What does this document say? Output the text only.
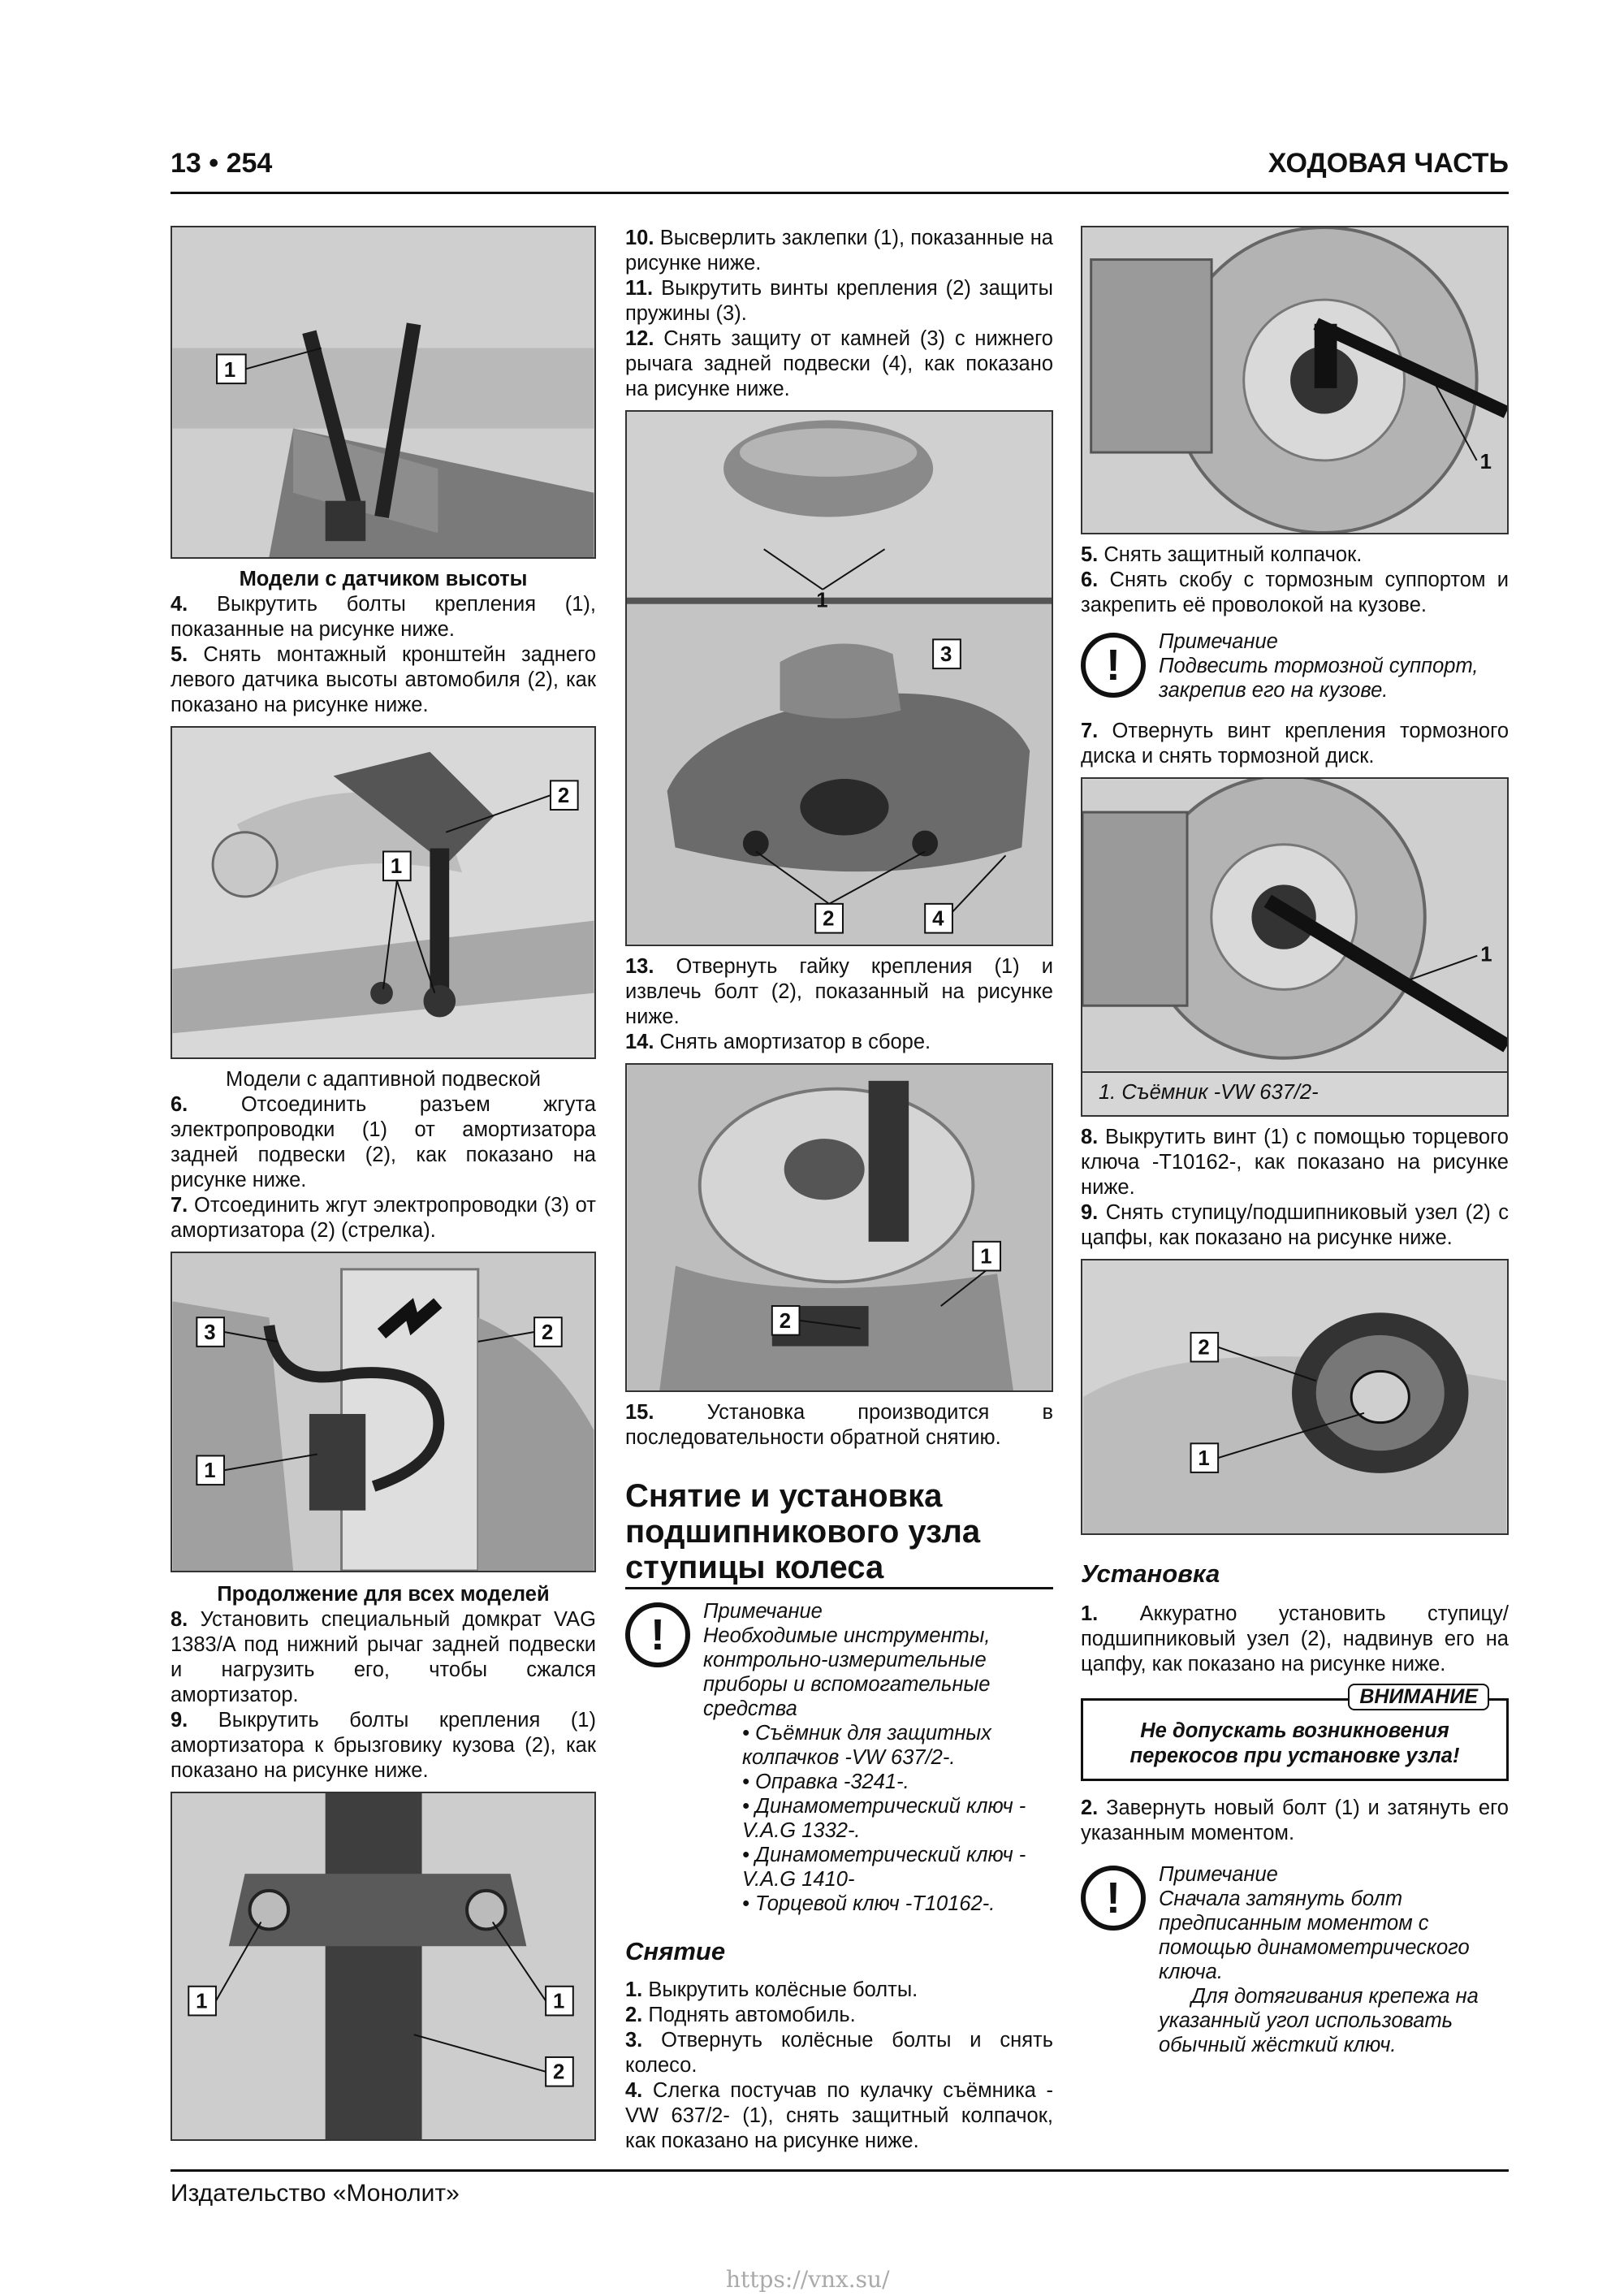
13 • 254	ХОДОВАЯ ЧАСТЬ
1
Модели с датчиком высоты
4. Выкрутить болты крепления (1), показанные на рисунке ниже.
5. Снять монтажный кронштейн заднего левого датчика высоты автомобиля (2), как показано на рисунке ниже.
1
2
Модели с адаптивной подвеской
6.	Отсоединить разъем жгута электропроводки (1) от амортизатора задней подвески (2), как показано на рисунке ниже.
7. Отсоединить жгут электропроводки (3) от амортизатора (2) (стрелка).
3	2
1
Продолжение для всех моделей
8. Установить специальный домкрат VAG 1383/A под нижний рычаг задней подвески и нагрузить его, чтобы сжался амортизатор.
9. Выкрутить болты крепления (1) амортизатора к брызговику кузова (2), как показано на рисунке ниже.
1	1
2
10. Высверлить заклепки (1), показанные на рисунке ниже.
11. Выкрутить винты крепления (2) защиты пружины (3).
12. Снять защиту от камней (3) с нижнего рычага задней подвески (4), как показано на рисунке ниже.
1
3
2	4
13. Отвернуть гайку крепления (1) и извлечь болт (2), показанный на рисунке ниже.
14. Снять амортизатор в сборе.
1
2
15.	Установка производится в последовательности обратной снятию.
Снятие и установка
подшипникового узла
ступицы колеса
!	Примечание
Необходимые инструменты, контрольно-измерительные приборы и вспомогательные средства
• Съёмник для защитных колпачков -VW 637/2-.
• Оправка -3241-.
• Динамометрический ключ -V.A.G 1332-.
• Динамометрический ключ -V.A.G 1410-
• Торцевой ключ -T10162-.
Снятие
1. Выкрутить колёсные болты.
2. Поднять автомобиль.
3. Отвернуть колёсные болты и снять колесо.
4. Слегка постучав по кулачку съёмника -VW 637/2- (1), снять защитный колпачок, как показано на рисунке ниже.
1
5. Снять защитный колпачок.
6. Снять скобу с тормозным суппортом и закрепить её проволокой на кузове.
!	Примечание
Подвесить тормозной суппорт, закрепив его на кузове.
7. Отвернуть винт крепления тормозного диска и снять тормозной диск.
1
1. Съёмник -VW 637/2-
8. Выкрутить винт (1) с помощью торцевого ключа -T10162-, как показано на рисунке ниже.
9. Снять ступицу/подшипниковый узел (2) с цапфы, как показано на рисунке ниже.
2
1
Установка
1. Аккуратно установить ступицу/подшипниковый узел (2), надвинув его на цапфу, как показано на рисунке ниже.
ВНИМАНИЕ
Не допускать возникновения перекосов при установке узла!
2. Завернуть новый болт (1) и затянуть его указанным моментом.
!	Примечание
Сначала затянуть болт предписанным моментом с помощью динамометрического ключа.
Для дотягивания крепежа на указанный угол использовать обычный жёсткий ключ.
Издательство «Монолит»
https://vnx.su/
